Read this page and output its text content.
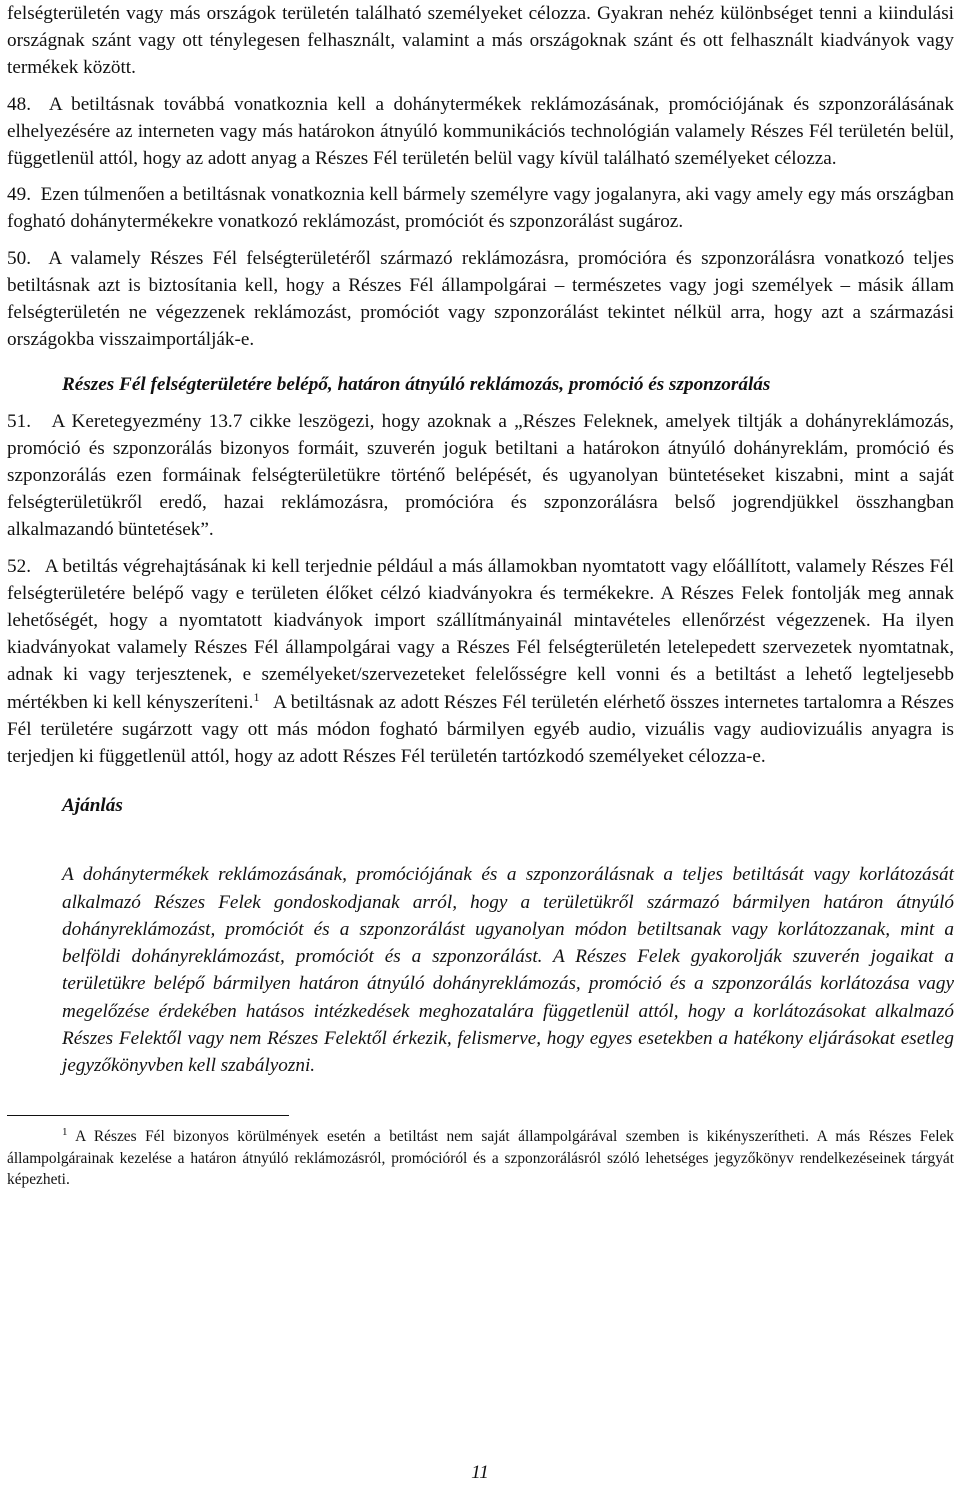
felségterületén vagy más országok területén található személyeket célozza. Gyakran nehéz különbséget tenni a kiindulási országnak szánt vagy ott ténylegesen felhasznált, valamint a más országoknak szánt és ott felhasznált kiadványok vagy termékek között.

48. A betiltásnak továbbá vonatkoznia kell a dohánytermékek reklámozásának, promóciójának és szponzorálásának elhelyezésére az interneten vagy más határokon átnyúló kommunikációs technológián valamely Részes Fél területén belül, függetlenül attól, hogy az adott anyag a Részes Fél területén belül vagy kívül található személyeket célozza.

49. Ezen túlmenően a betiltásnak vonatkoznia kell bármely személyre vagy jogalanyra, aki vagy amely egy más országban fogható dohánytermékekre vonatkozó reklámozást, promóciót és szponzorálást sugároz.

50. A valamely Részes Fél felségterületéről származó reklámozásra, promócióra és szponzorálásra vonatkozó teljes betiltásnak azt is biztosítania kell, hogy a Részes Fél állampolgárai – természetes vagy jogi személyek – másik állam felségterületén ne végezzenek reklámozást, promóciót vagy szponzorálást tekintet nélkül arra, hogy azt a származási országokba visszaimportálják-e.

Részes Fél felségterületére belépő, határon átnyúló reklámozás, promóció és szponzorálás

51. A Keretegyezmény 13.7 cikke leszögezi, hogy azoknak a „Részes Feleknek, amelyek tiltják a dohányreklámozás, promóció és szponzorálás bizonyos formáit, szuverén joguk betiltani a határokon átnyúló dohányreklám, promóció és szponzorálás ezen formáinak felségterületükre történő belépését, és ugyanolyan büntetéseket kiszabni, mint a saját felségterületükről eredő, hazai reklámozásra, promócióra és szponzorálásra belső jogrendjükkel összhangban alkalmazandó büntetések”.

52. A betiltás végrehajtásának ki kell terjednie például a más államokban nyomtatott vagy előállított, valamely Részes Fél felségterületére belépő vagy e területen élőket célzó kiadványokra és termékekre. A Részes Felek fontolják meg annak lehetőségét, hogy a nyomtatott kiadványok import szállítmányainál mintavételes ellenőrzést végezzenek. Ha ilyen kiadványokat valamely Részes Fél állampolgárai vagy a Részes Fél felségterületén letelepedett szervezetek nyomtatnak, adnak ki vagy terjesztenek, e személyeket/szervezeteket felelősségre kell vonni és a betiltást a lehető legteljesebb mértékben ki kell kényszeríteni.$^1$ A betiltásnak az adott Részes Fél területén elérhető összes internetes tartalomra a Részes Fél területére sugárzott vagy ott más módon fogható bármilyen egyéb audio, vizuális vagy audiovizuális anyagra is terjedjen ki függetlenül attól, hogy az adott Részes Fél területén tartózkodó személyeket célozza-e.

Ajánlás

A dohánytermékek reklámozásának, promóciójának és a szponzorálásnak a teljes betiltását vagy korlátozását alkalmazó Részes Felek gondoskodjanak arról, hogy a területükről származó bármilyen határon átnyúló dohányreklámozást, promóciót és a szponzorálást ugyanolyan módon betiltsanak vagy korlátozzanak, mint a belföldi dohányreklámozást, promóciót és a szponzorálást. A Részes Felek gyakorolják szuverén jogaikat a területükre belépő bármilyen határon átnyúló dohányreklámozás, promóció és a szponzorálás korlátozása vagy megelőzése érdekében hatásos intézkedések meghozatalára függetlenül attól, hogy a korlátozásokat alkalmazó Részes Felektől vagy nem Részes Felektől érkezik, felismerve, hogy egyes esetekben a hatékony eljárásokat esetleg jegyzőkönyvben kell szabályozni.

$^1$ A Részes Fél bizonyos körülmények esetén a betiltást nem saját állampolgárával szemben is kikényszerítheti. A más Részes Felek állampolgárainak kezelése a határon átnyúló reklámozásról, promócióról és a szponzorálásról szóló lehetséges jegyzőkönyv rendelkezéseinek tárgyát képezheti.

11
